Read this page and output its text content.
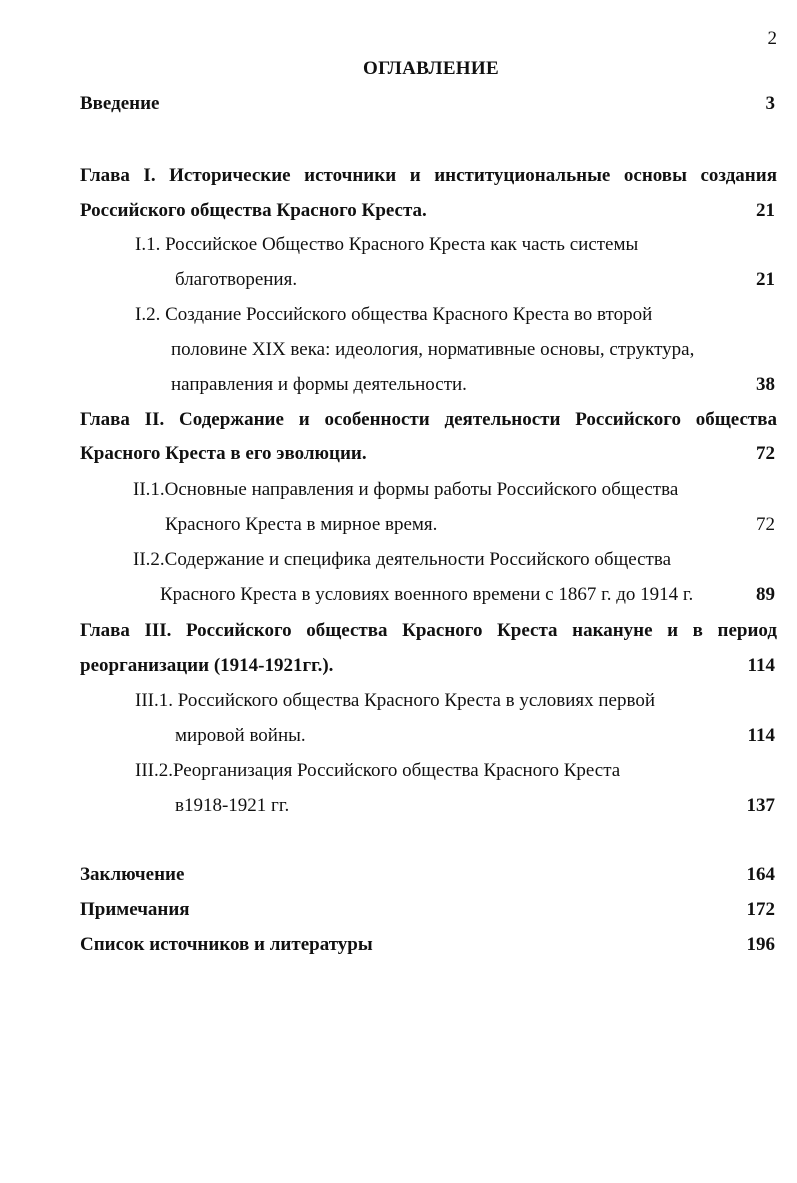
2
ОГЛАВЛЕНИЕ
Введение	3
Глава I. Исторические источники и институциональные основы создания
Российского общества Красного Креста.	21
I.1. Российское Общество Красного Креста как часть системы
благотворения.	21
I.2. Создание Российского общества Красного Креста во второй
половине XIX века: идеология, нормативные основы, структура,
направления и формы деятельности.	38
Глава II. Содержание и особенности деятельности Российского общества
Красного Креста в его эволюции.	72
II.1.Основные направления и формы работы Российского общества
Красного Креста в мирное время.	72
II.2.Содержание и специфика деятельности Российского общества
Красного Креста в условиях военного времени с 1867 г. до 1914 г.	89
Глава III. Российского общества Красного Креста накануне и в период
реорганизации (1914-1921гг.).	114
III.1. Российского общества Красного Креста в условиях первой
мировой войны.	114
III.2.Реорганизация Российского общества Красного Креста
в1918-1921 гг.	137
Заключение	164
Примечания	172
Список источников и литературы	196
